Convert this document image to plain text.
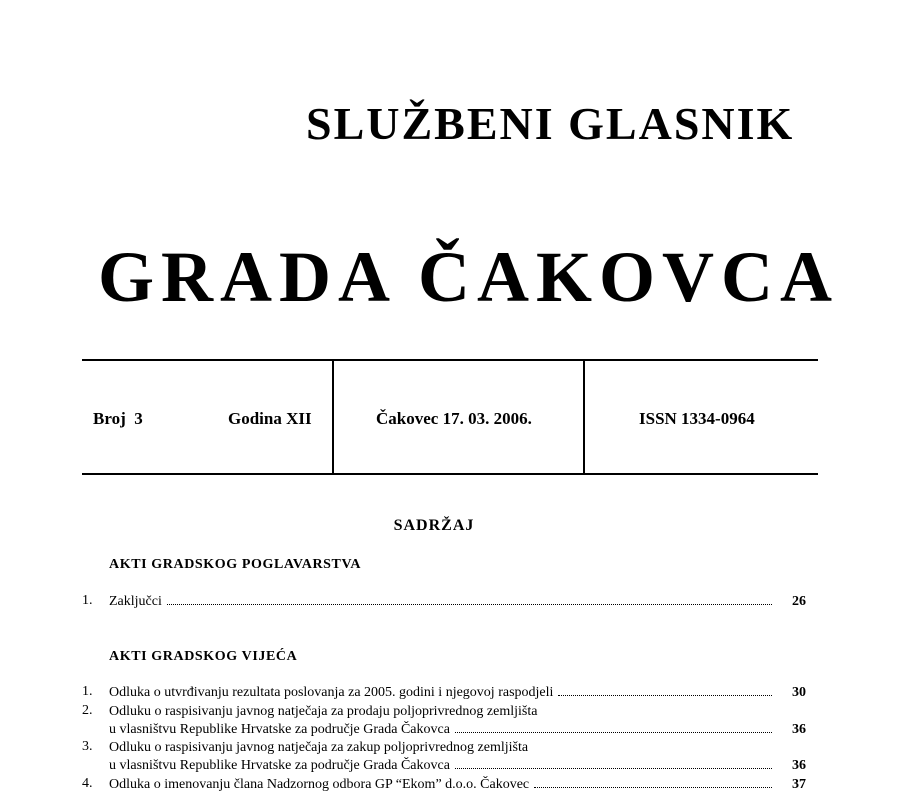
SLUŽBENI GLASNIK
GRADA ČAKOVCA
Broj  3	Godina XII	Čakovec 17. 03. 2006.	ISSN 1334-0964
SADRŽAJ
AKTI GRADSKOG POGLAVARSTVA
1. Zaključci	26
AKTI GRADSKOG VIJEĆA
1. Odluka o utvrđivanju rezultata poslovanja za 2005. godini i njegovoj raspodjeli	30
2. Odluku o raspisivanju javnog natječaja za prodaju poljoprivrednog zemljišta
u vlasništvu Republike Hrvatske za područje Grada Čakovca	36
3. Odluku o raspisivanju javnog natječaja za zakup poljoprivrednog zemljišta
u vlasništvu Republike Hrvatske za područje Grada Čakovca	36
4. Odluka o imenovanju člana Nadzornog odbora GP “Ekom” d.o.o. Čakovec	37
